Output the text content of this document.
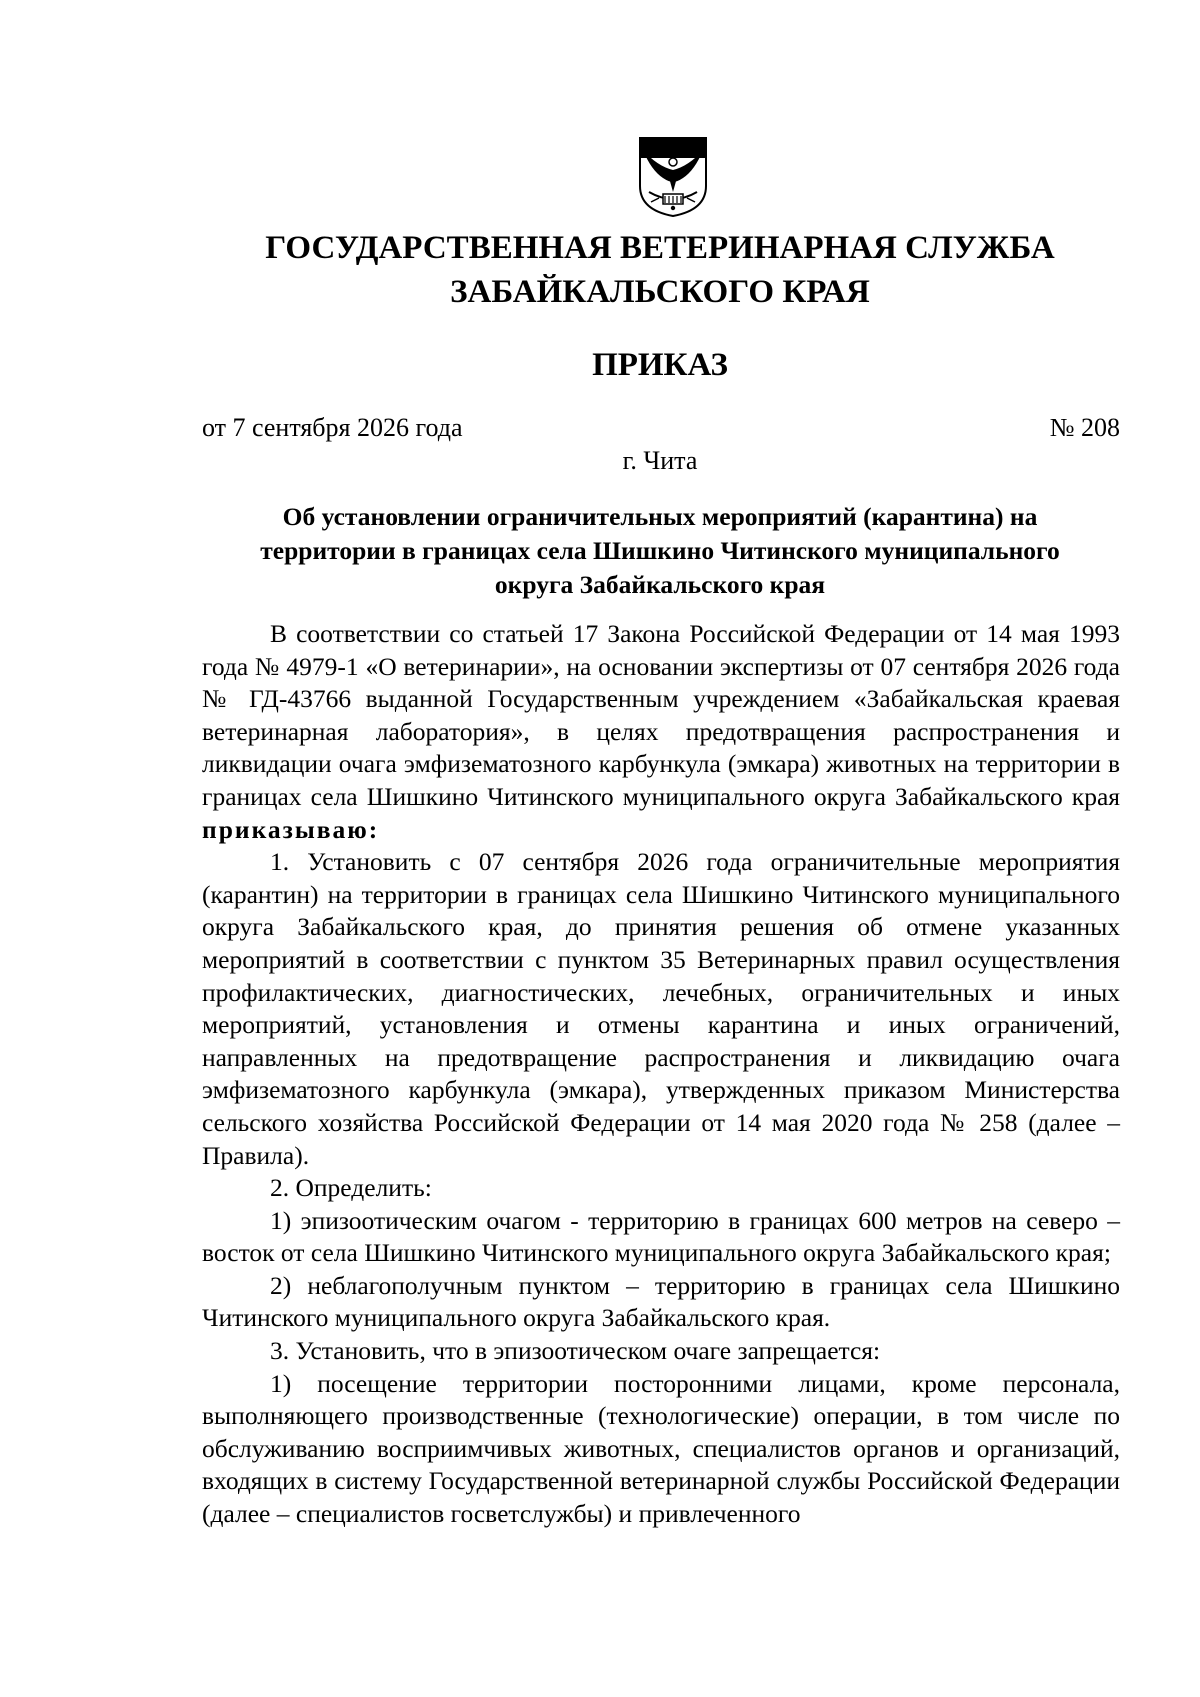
ГОСУДАРСТВЕННАЯ ВЕТЕРИНАРНАЯ СЛУЖБА
ЗАБАЙКАЛЬСКОГО КРАЯ
ПРИКАЗ
от 7 сентября 2026 года	№ 208
г. Чита
Об установлении ограничительных мероприятий (карантина) на
территории в границах села Шишкино Читинского муниципального
округа Забайкальского края

В соответствии со статьей 17 Закона Российской Федерации от 14 мая 1993 года № 4979-1 «О ветеринарии», на основании экспертизы от 07 сентября 2026 года № ГД-43766 выданной Государственным учреждением «Забайкальская краевая ветеринарная лаборатория», в целях предотвращения распространения и ликвидации очага эмфизематозного карбункула (эмкара) животных на территории в границах села Шишкино Читинского муниципального округа Забайкальского края приказываю:

1. Установить с 07 сентября 2026 года ограничительные мероприятия (карантин) на территории в границах села Шишкино Читинского муниципального округа Забайкальского края, до принятия решения об отмене указанных мероприятий в соответствии с пунктом 35 Ветеринарных правил осуществления профилактических, диагностических, лечебных, ограничительных и иных мероприятий, установления и отмены карантина и иных ограничений, направленных на предотвращение распространения и ликвидацию очага эмфизематозного карбункула (эмкара), утвержденных приказом Министерства сельского хозяйства Российской Федерации от 14 мая 2020 года № 258 (далее – Правила).

2. Определить:

1) эпизоотическим очагом - территорию в границах 600 метров на северо – восток от села Шишкино Читинского муниципального округа Забайкальского края;

2) неблагополучным пунктом – территорию в границах села Шишкино Читинского муниципального округа Забайкальского края.

3. Установить, что в эпизоотическом очаге запрещается:

1) посещение территории посторонними лицами, кроме персонала, выполняющего производственные (технологические) операции, в том числе по обслуживанию восприимчивых животных, специалистов органов и организаций, входящих в систему Государственной ветеринарной службы Российской Федерации (далее – специалистов госветслужбы) и привлеченного
